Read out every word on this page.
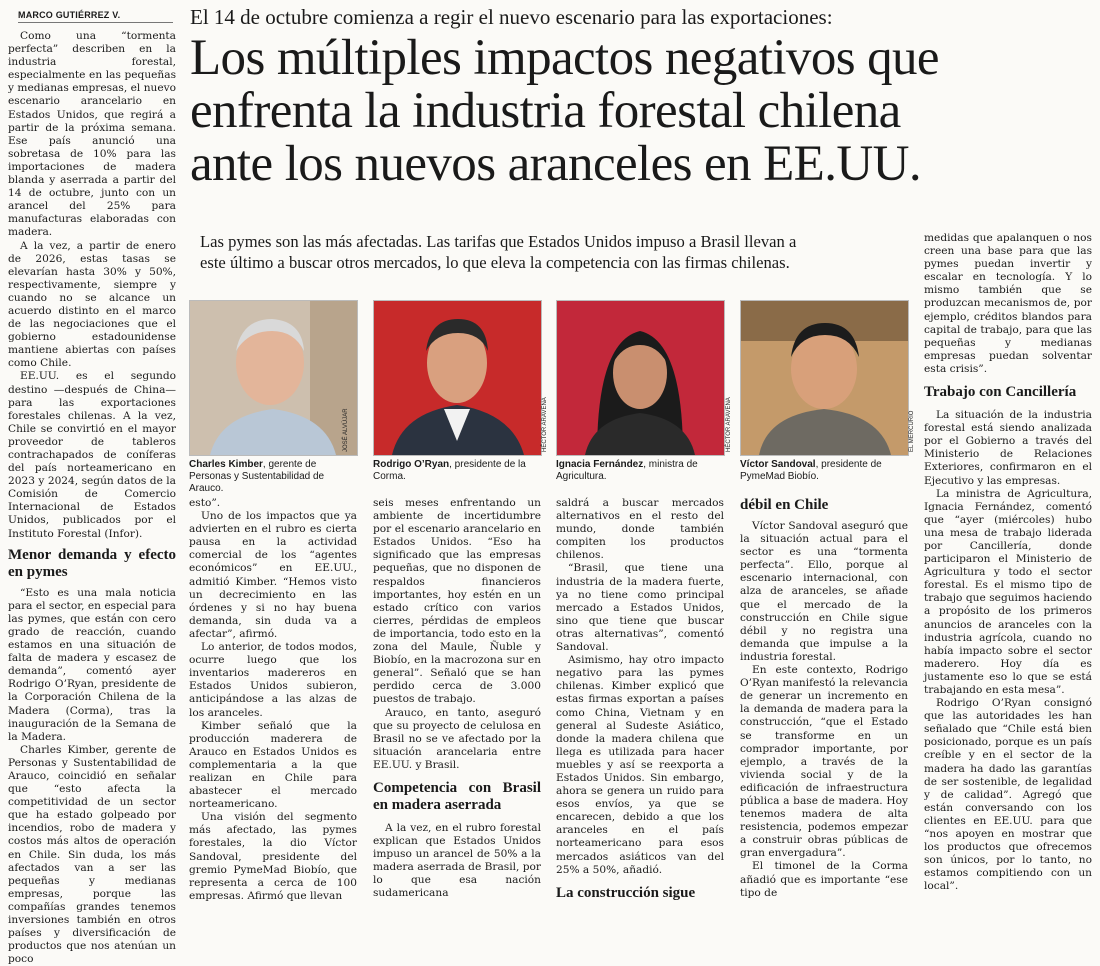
MARCO GUTIÉRREZ V.	El 14 de octubre comienza a regir el nuevo escenario para las exportaciones:
Los múltiples impactos negativos que
enfrenta la industria forestal chilena
ante los nuevos aranceles en EE.UU.
Las pymes son las más afectadas. Las tarifas que Estados Unidos impuso a Brasil llevan a
este último a buscar otros mercados, lo que eleva la competencia con las firmas chilenas.

Como una “tormenta perfecta” describen en la industria forestal, especialmente en las pequeñas y medianas empresas, el nuevo escenario arancelario en Estados Unidos, que regirá a partir de la próxima semana. Ese país anunció una sobretasa de 10% para las importaciones de madera blanda y aserrada a partir del 14 de octubre, junto con un arancel del 25% para manufacturas elaboradas con madera.

A la vez, a partir de enero de 2026, estas tasas se elevarían hasta 30% y 50%, respectivamente, siempre y cuando no se alcance un acuerdo distinto en el marco de las negociaciones que el gobierno estadounidense mantiene abiertas con países como Chile.

EE.UU. es el segundo destino —después de China— para las exportaciones forestales chilenas. A la vez, Chile se convirtió en el mayor proveedor de tableros contrachapados de coníferas del país norteamericano en 2023 y 2024, según datos de la Comisión de Comercio Internacional de Estados Unidos, publicados por el Instituto Forestal (Infor).

Menor demanda y efecto en pymes

“Esto es una mala noticia para el sector, en especial para las pymes, que están con cero grado de reacción, cuando estamos en una situación de falta de madera y escasez de demanda”, comentó ayer Rodrigo O’Ryan, presidente de la Corporación Chilena de la Madera (Corma), tras la inauguración de la Semana de la Madera.

Charles Kimber, gerente de Personas y Sustentabilidad de Arauco, coincidió en señalar que “esto afecta la competitividad de un sector que ha estado golpeado por incendios, robo de madera y costos más altos de operación en Chile. Sin duda, los más afectados van a ser las pequeñas y medianas empresas, porque las compañías grandes tenemos inversiones también en otros países y diversificación de productos que nos atenúan un poco

JOSÉ ALVÚJAR	HÉCTOR ARAVENA	HÉCTOR ARAVENA	EL MERCURIO
Charles Kimber, gerente de Personas y Sustentabilidad de Arauco.
Rodrigo O’Ryan, presidente de la Corma.
Ignacia Fernández, ministra de Agricultura.
Víctor Sandoval, presidente de PymeMad Biobío.

esto”.

Uno de los impactos que ya advierten en el rubro es cierta pausa en la actividad comercial de los “agentes económicos” en EE.UU., admitió Kimber. “Hemos visto un decrecimiento en las órdenes y si no hay buena demanda, sin duda va a afectar”, afirmó.

Lo anterior, de todos modos, ocurre luego que los inventarios madereros en Estados Unidos subieron, anticipándose a las alzas de los aranceles.

Kimber señaló que la producción maderera de Arauco en Estados Unidos es complementaria a la que realizan en Chile para abastecer el mercado norteamericano.

Una visión del segmento más afectado, las pymes forestales, la dio Víctor Sandoval, presidente del gremio PymeMad Biobío, que representa a cerca de 100 empresas. Afirmó que llevan

seis meses enfrentando un ambiente de incertidumbre por el escenario arancelario en Estados Unidos. “Eso ha significado que las empresas pequeñas, que no disponen de respaldos financieros importantes, hoy estén en un estado crítico con varios cierres, pérdidas de empleos de importancia, todo esto en la zona del Maule, Ñuble y Biobío, en la macrozona sur en general”. Señaló que se han perdido cerca de 3.000 puestos de trabajo.

Arauco, en tanto, aseguró que su proyecto de celulosa en Brasil no se ve afectado por la situación arancelaria entre EE.UU. y Brasil.

Competencia con Brasil en madera aserrada

A la vez, en el rubro forestal explican que Estados Unidos impuso un arancel de 50% a la madera aserrada de Brasil, por lo que esa nación sudamericana

saldrá a buscar mercados alternativos en el resto del mundo, donde también compiten los productos chilenos.

“Brasil, que tiene una industria de la madera fuerte, ya no tiene como principal mercado a Estados Unidos, sino que tiene que buscar otras alternativas”, comentó Sandoval.

Asimismo, hay otro impacto negativo para las pymes chilenas. Kimber explicó que estas firmas exportan a países como China, Vietnam y en general al Sudeste Asiático, donde la madera chilena que llega es utilizada para hacer muebles y así se reexporta a Estados Unidos. Sin embargo, ahora se genera un ruido para esos envíos, ya que se encarecen, debido a que los aranceles en el país norteamericano para esos mercados asiáticos van del 25% a 50%, añadió.

La construcción sigue
débil en Chile

Víctor Sandoval aseguró que la situación actual para el sector es una “tormenta perfecta”. Ello, porque al escenario internacional, con alza de aranceles, se añade que el mercado de la construcción en Chile sigue débil y no registra una demanda que impulse a la industria forestal.

En este contexto, Rodrigo O’Ryan manifestó la relevancia de generar un incremento en la demanda de madera para la construcción, “que el Estado se transforme en un comprador importante, por ejemplo, a través de la vivienda social y de la edificación de infraestructura pública a base de madera. Hoy tenemos madera de alta resistencia, podemos empezar a construir obras públicas de gran envergadura”.

El timonel de la Corma añadió que es importante “ese tipo de

medidas que apalanquen o nos creen una base para que las pymes puedan invertir y escalar en tecnología. Y lo mismo también que se produzcan mecanismos de, por ejemplo, créditos blandos para capital de trabajo, para que las pequeñas y medianas empresas puedan solventar esta crisis”.

Trabajo con Cancillería

La situación de la industria forestal está siendo analizada por el Gobierno a través del Ministerio de Relaciones Exteriores, confirmaron en el Ejecutivo y las empresas.

La ministra de Agricultura, Ignacia Fernández, comentó que “ayer (miércoles) hubo una mesa de trabajo liderada por Cancillería, donde participaron el Ministerio de Agricultura y todo el sector forestal. Es el mismo tipo de trabajo que seguimos haciendo a propósito de los primeros anuncios de aranceles con la industria agrícola, cuando no había impacto sobre el sector maderero. Hoy día es justamente eso lo que se está trabajando en esta mesa”.

Rodrigo O’Ryan consignó que las autoridades les han señalado que “Chile está bien posicionado, porque es un país creíble y en el sector de la madera ha dado las garantías de ser sostenible, de legalidad y de calidad”. Agregó que están conversando con los clientes en EE.UU. para que “nos apoyen en mostrar que los productos que ofrecemos son únicos, por lo tanto, no estamos compitiendo con un local”.
